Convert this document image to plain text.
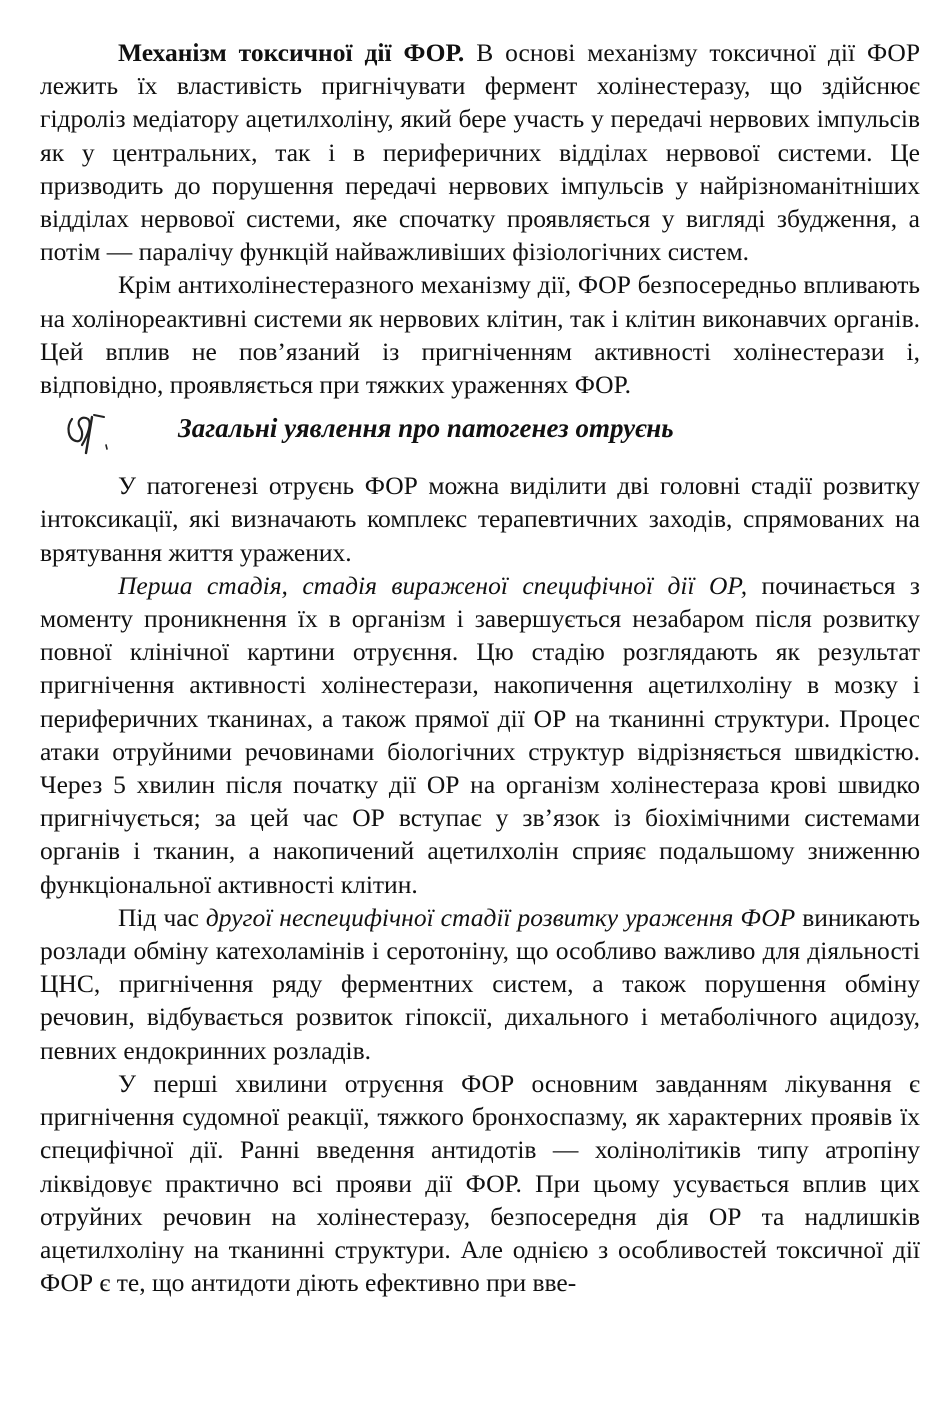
Механізм токсичної дії ФОР. В основі механізму токсичної дії ФОР лежить їх властивість пригнічувати фермент холінестеразу, що здійснює гідроліз медіатору ацетилхоліну, який бере участь у передачі нервових імпульсів як у центральних, так і в периферичних відділах нервової системи. Це призводить до порушення передачі нервових імпульсів у найрізноманітніших відділах нервової системи, яке спочатку проявляється у вигляді збудження, а потім — паралічу функцій найважливіших фізіологічних систем.

Крім антихолінестеразного механізму дії, ФОР безпосередньо впливають на холінореактивні системи як нервових клітин, так і клітин виконавчих органів. Цей вплив не пов’язаний із пригніченням активності холінестерази і, відповідно, проявляється при тяжких ураженнях ФОР.

Загальні уявлення про патогенез отруєнь

У патогенезі отруєнь ФОР можна виділити дві головні стадії розвитку інтоксикації, які визначають комплекс терапевтичних заходів, спрямованих на врятування життя уражених.

Перша стадія, стадія вираженої специфічної дії ОР, починається з моменту проникнення їх в організм і завершується незабаром після розвитку повної клінічної картини отруєння. Цю стадію розглядають як результат пригнічення активності холінестерази, накопичення ацетилхоліну в мозку і периферичних тканинах, а також прямої дії ОР на тканинні структури. Процес атаки отруйними речовинами біологічних структур відрізняється швидкістю. Через 5 хвилин після початку дії ОР на організм холінестераза крові швидко пригнічується; за цей час ОР вступає у зв’язок із біохімічними системами органів і тканин, а накопичений ацетилхолін сприяє подальшому зниженню функціональної активності клітин.

Під час другої неспецифічної стадії розвитку ураження ФОР виникають розлади обміну катехоламінів і серотоніну, що особливо важливо для діяльності ЦНС, пригнічення ряду ферментних систем, а також порушення обміну речовин, відбувається розвиток гіпоксії, дихального і метаболічного ацидозу, певних ендокринних розладів.

У перші хвилини отруєння ФОР основним завданням лікування є пригнічення судомної реакції, тяжкого бронхоспазму, як характерних проявів їх специфічної дії. Ранні введення антидотів — холінолітиків типу атропіну ліквідовує практично всі прояви дії ФОР. При цьому усувається вплив цих отруйних речовин на холінестеразу, безпосередня дія ОР та надлишків ацетилхоліну на тканинні структури. Але однією з особливостей токсичної дії ФОР є те, що антидоти діють ефективно при вве-
